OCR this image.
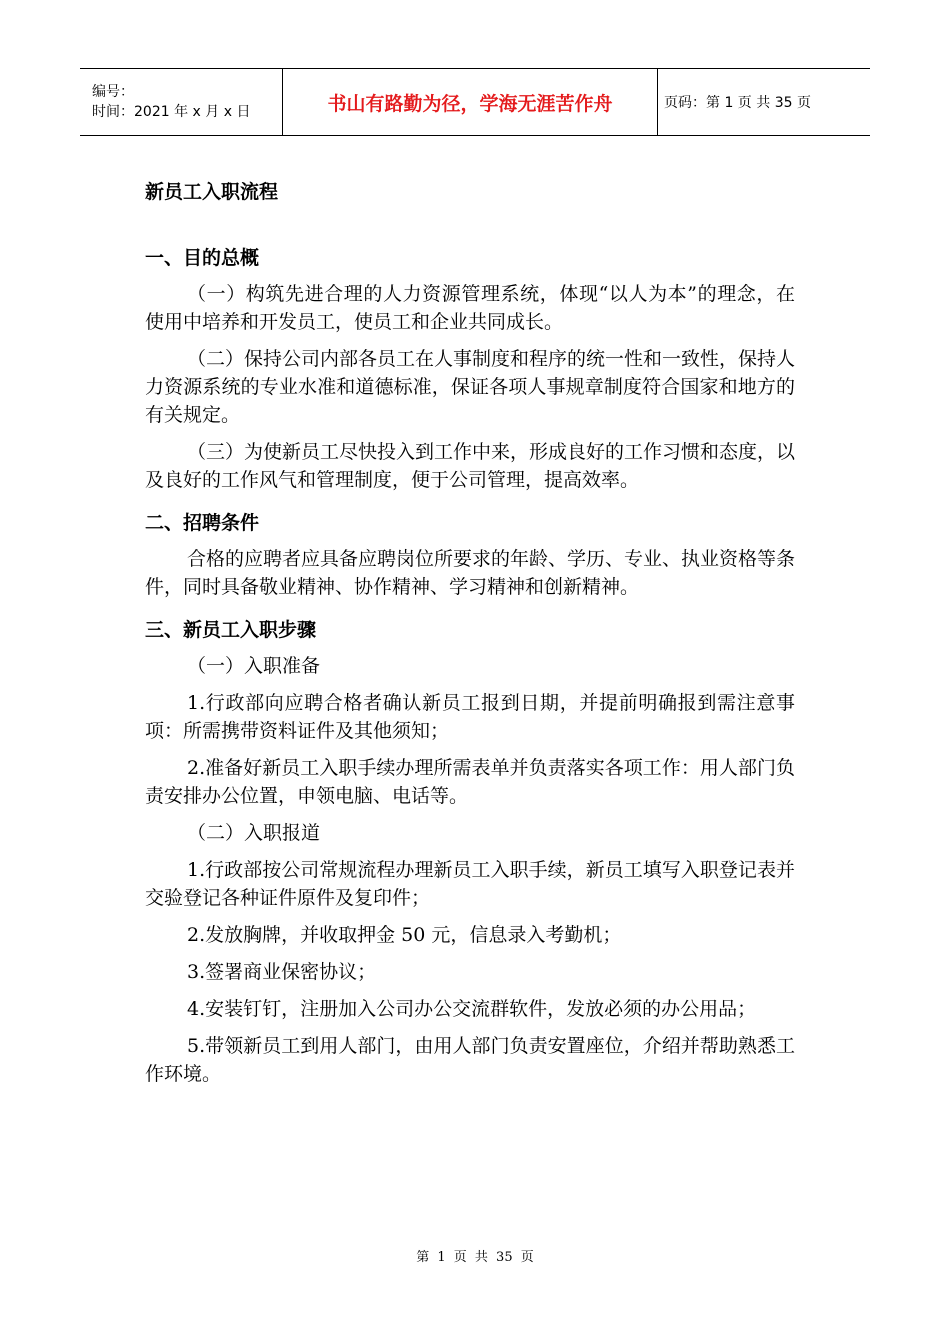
编号：
时间：2021 年 x 月 x 日	书山有路勤为径，学海无涯苦作舟	页码：第 1 页 共 35 页
新员工入职流程
一、目的总概

（一）构筑先进合理的人力资源管理系统，体现“以人为本”的理念，在使用中培养和开发员工，使员工和企业共同成长。

（二）保持公司内部各员工在人事制度和程序的统一性和一致性，保持人力资源系统的专业水准和道德标准，保证各项人事规章制度符合国家和地方的有关规定。

（三）为使新员工尽快投入到工作中来，形成良好的工作习惯和态度，以及良好的工作风气和管理制度，便于公司管理，提高效率。

二、招聘条件

合格的应聘者应具备应聘岗位所要求的年龄、学历、专业、执业资格等条件，同时具备敬业精神、协作精神、学习精神和创新精神。

三、新员工入职步骤

（一）入职准备

1.行政部向应聘合格者确认新员工报到日期，并提前明确报到需注意事项：所需携带资料证件及其他须知；

2.准备好新员工入职手续办理所需表单并负责落实各项工作：用人部门负责安排办公位置，申领电脑、电话等。

（二）入职报道

1.行政部按公司常规流程办理新员工入职手续，新员工填写入职登记表并交验登记各种证件原件及复印件；

2.发放胸牌，并收取押金 50 元，信息录入考勤机；

3.签署商业保密协议；

4.安装钉钉，注册加入公司办公交流群软件，发放必须的办公用品；

5.带领新员工到用人部门，由用人部门负责安置座位，介绍并帮助熟悉工作环境。

第 1 页 共 35 页
